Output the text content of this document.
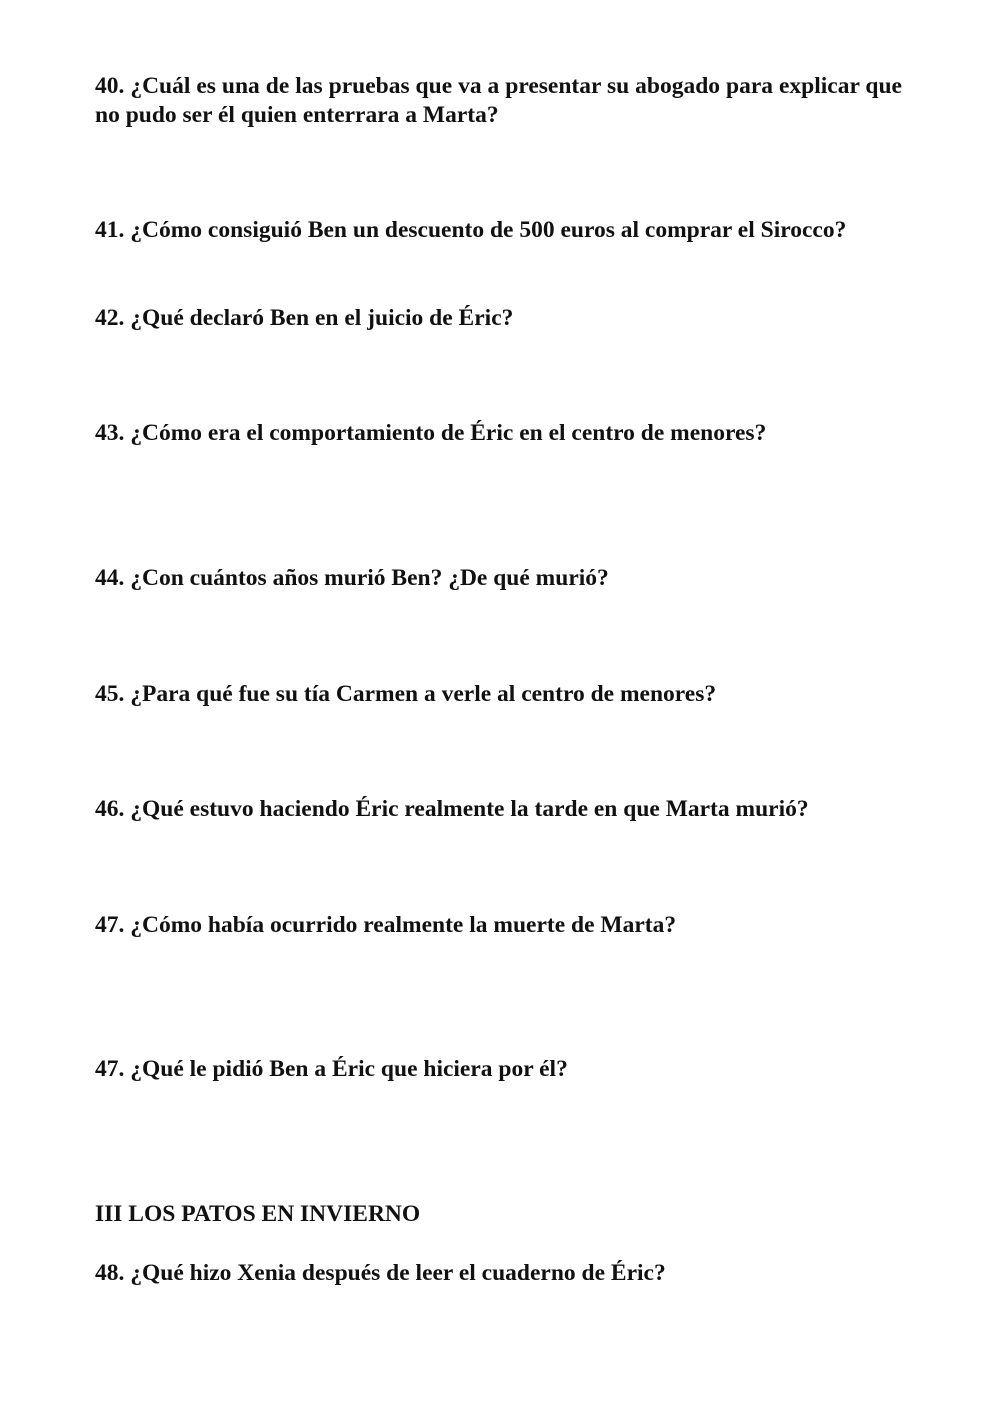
40. ¿Cuál es una de las pruebas que va a presentar su abogado para explicar que no pudo ser él quien enterrara a Marta?

41. ¿Cómo consiguió Ben un descuento de 500 euros al comprar el Sirocco?

42. ¿Qué declaró Ben en el juicio de Éric?

43. ¿Cómo era el comportamiento de Éric en el centro de menores?

44. ¿Con cuántos años murió Ben? ¿De qué murió?

45. ¿Para qué fue su tía Carmen a verle al centro de menores?

46. ¿Qué estuvo haciendo Éric realmente la tarde en que Marta murió?

47. ¿Cómo había ocurrido realmente la muerte de Marta?

47. ¿Qué le pidió Ben a Éric que hiciera por él?

III LOS PATOS EN INVIERNO

48. ¿Qué hizo Xenia después de leer el cuaderno de Éric?
